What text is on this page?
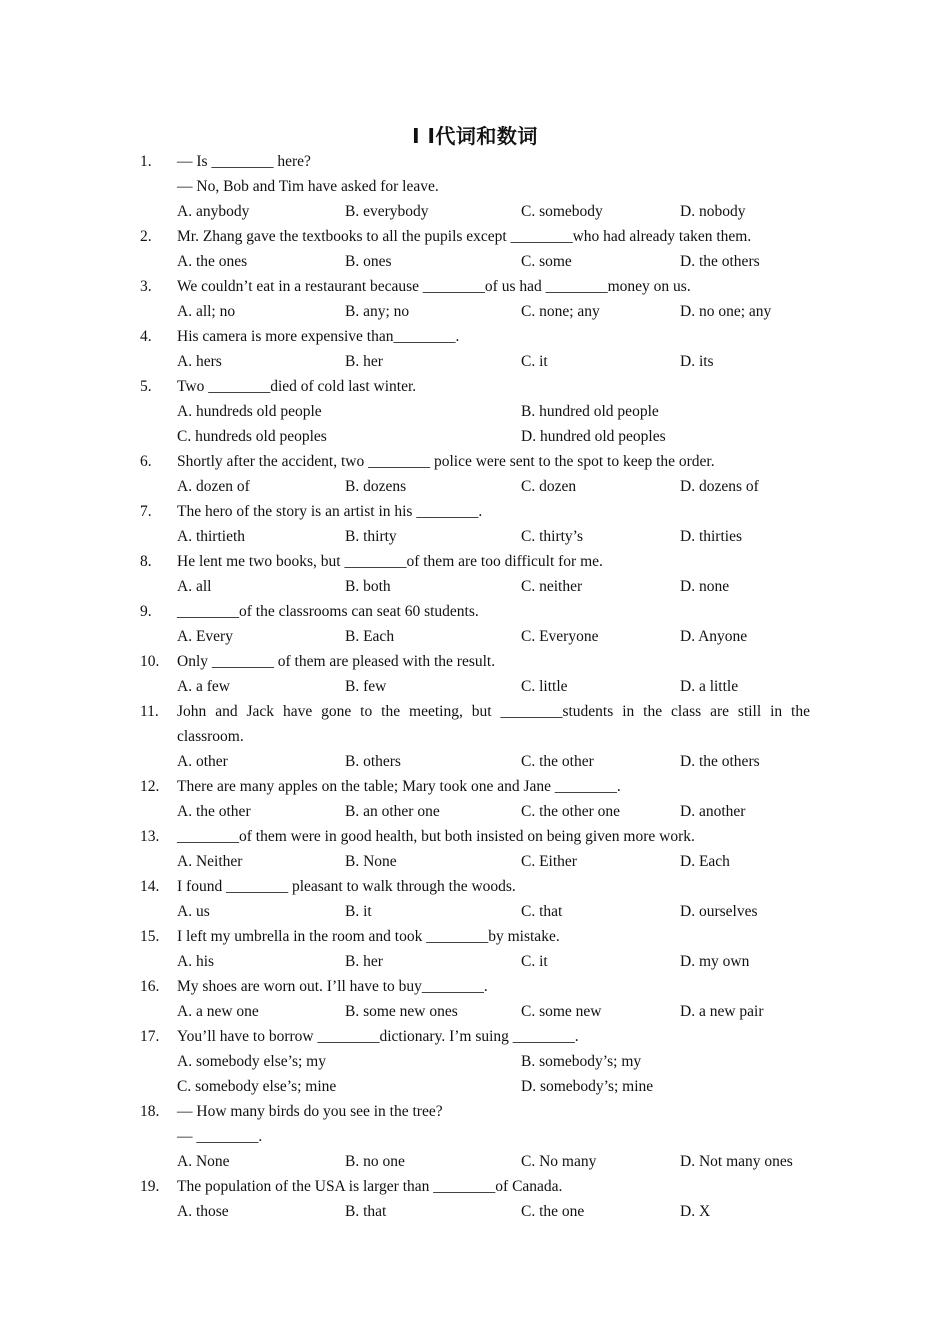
I I代词和数词
1.	— Is ________ here?
— No, Bob and Tim have asked for leave.
A. anybody	B. everybody	C. somebody	D. nobody
2.	Mr. Zhang gave the textbooks to all the pupils except ________who had already taken them.
A. the ones	B. ones	C. some	D. the others
3.	We couldn’t eat in a restaurant because ________of us had ________money on us.
A. all; no	B. any; no	C. none; any	D. no one; any
4.	His camera is more expensive than________.
A. hers	B. her	C. it	D. its
5.	Two ________died of cold last winter.
A. hundreds old people	B. hundred old people
C. hundreds old peoples	D. hundred old peoples
6.	Shortly after the accident, two ________ police were sent to the spot to keep the order.
A. dozen of	B. dozens	C. dozen	D. dozens of
7.	The hero of the story is an artist in his ________.
A. thirtieth	B. thirty	C. thirty’s	D. thirties
8.	He lent me two books, but ________of them are too difficult for me.
A. all	B. both	C. neither	D. none
9.	________of the classrooms can seat 60 students.
A. Every	B. Each	C. Everyone	D. Anyone
10.	Only ________ of them are pleased with the result.
A. a few	B. few	C. little	D. a little
11.	John and Jack have gone to the meeting, but ________students in the class are still in the
classroom.
A. other	B. others	C. the other	D. the others
12.	There are many apples on the table; Mary took one and Jane ________.
A. the other	B. an other one	C. the other one	D. another
13.	________of them were in good health, but both insisted on being given more work.
A. Neither	B. None	C. Either	D. Each
14.	I found ________ pleasant to walk through the woods.
A. us	B. it	C. that	D. ourselves
15.	I left my umbrella in the room and took ________by mistake.
A. his	B. her	C. it	D. my own
16.	My shoes are worn out. I’ll have to buy________.
A. a new one	B. some new ones	C. some new	D. a new pair
17.	You’ll have to borrow ________dictionary. I’m suing ________.
A. somebody else’s; my	B. somebody’s; my
C. somebody else’s; mine	D. somebody’s; mine
18.	— How many birds do you see in the tree?
— ________.
A. None	B. no one	C. No many	D. Not many ones
19.	The population of the USA is larger than ________of Canada.
A. those	B. that	C. the one	D. X
